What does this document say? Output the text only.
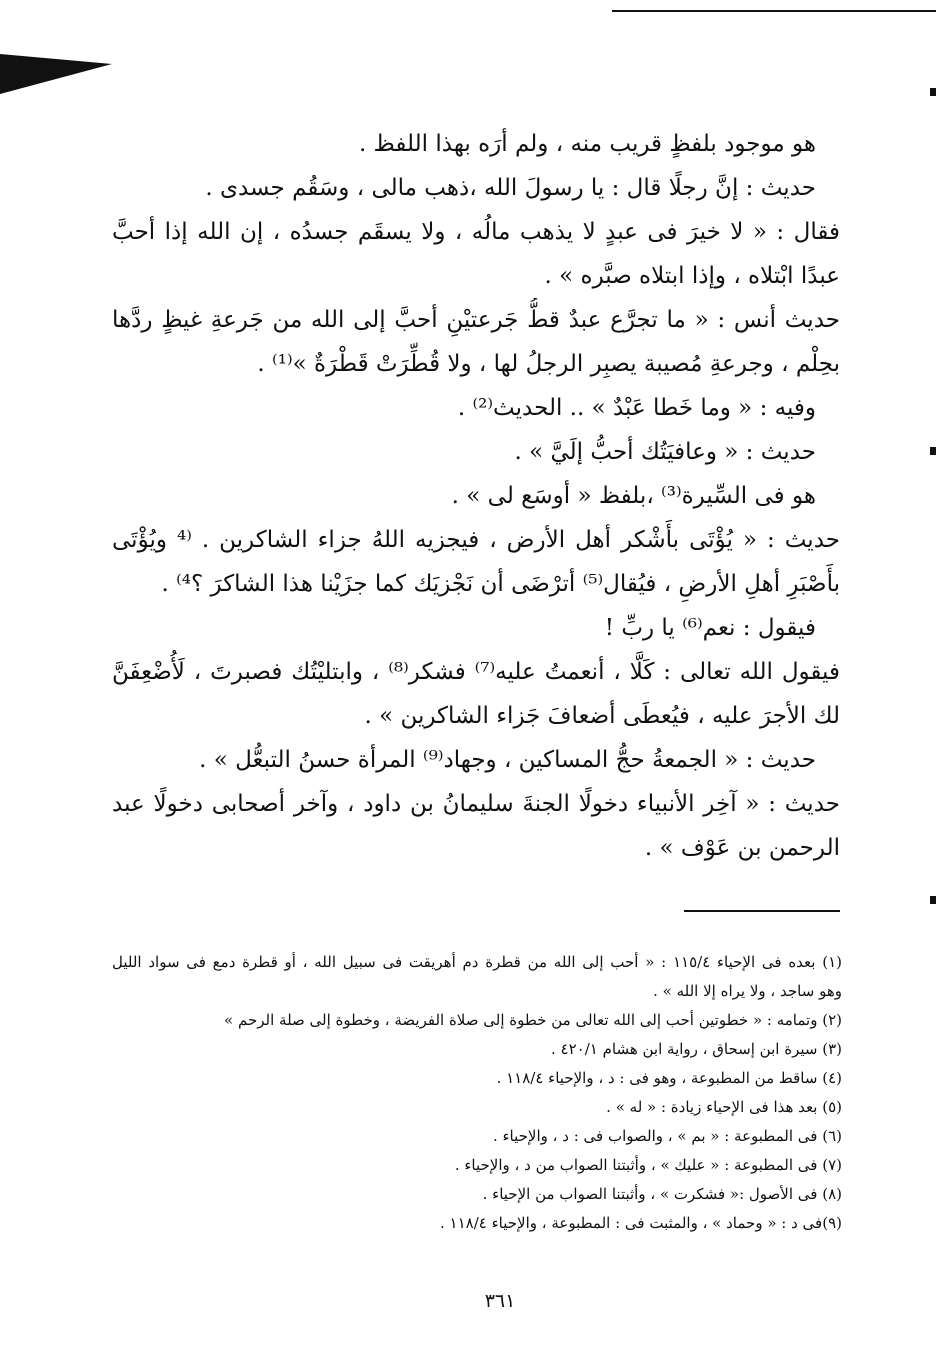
هو موجود بلفظٍ قريب منه ، ولم أرَه بهذا اللفظ .
حديث : إنَّ رجلًا قال : يا رسولَ الله ،ذهب مالى ، وسَقُم جسدى .
فقال : « لا خيرَ فى عبدٍ لا يذهب مالُه ، ولا يسقَم جسدُه ، إن الله إذا أحبَّ
عبدًا ابْتلاه ، وإذا ابتلاه صبَّره » .
حديث أنس : « ما تجرَّع عبدٌ قطُّ جَرعتيْنِ أحبَّ إلى الله من جَرعةِ غيظٍ ردَّها
بحِلْم ، وجرعةِ مُصيبة يصبِر الرجلُ لها ، ولا قُطِّرَتْ قَطْرَةٌ »⁽¹⁾ .
وفيه : « وما خَطا عَبْدٌ » .. الحديث⁽²⁾ .
حديث : « وعافيَتُك أحبُّ إلَيَّ » .
هو فى السِّيرة⁽³⁾ ،بلفظ « أوسَع لى » .
حديث : « يُؤْتَى بأَشْكر أهل الأرض ، فيجزيه اللهُ جزاء الشاكرين . ⁽⁴ ويُؤْتَى
بأَصْبَرِ أهلِ الأرضِ ، فيُقال⁽⁵⁾ أترْضَى أن نَجْزيَك كما جزَيْنا هذا الشاكرَ ؟⁴⁾ .
فيقول : نعم⁽⁶⁾ يا ربِّ !
فيقول الله تعالى : كَلَّا ، أنعمتُ عليه⁽⁷⁾ فشكر⁽⁸⁾ ، وابتليْتُك فصبرتَ ، لَأُضْعِفَنَّ
لك الأجرَ عليه ، فيُعطَى أضعافَ جَزاء الشاكرين » .
حديث : « الجمعةُ حجُّ المساكين ، وجهاد⁽⁹⁾ المرأة حسنُ التبعُّل » .
حديث : « آخِر الأنبياء دخولًا الجنةَ سليمانُ بن داود ، وآخر أصحابى دخولًا عبد
الرحمن بن عَوْف » .
(١) بعده فى الإحياء ١١٥/٤ : « أحب إلى الله من قطرة دم أهريقت فى سبيل الله ، أو قطرة دمع فى سواد الليل
وهو ساجد ، ولا يراه إلا الله » .
(٢) وتمامه : « خطوتين أحب إلى الله تعالى من خطوة إلى صلاة الفريضة ، وخطوة إلى صلة الرحم »
(٣) سيرة ابن إسحاق ، رواية ابن هشام ٤٢٠/١ .
(٤) ساقط من المطبوعة ، وهو فى : د ، والإحياء ١١٨/٤ .
(٥) بعد هذا فى الإحياء زيادة : « له » .
(٦) فى المطبوعة : « بم » ، والصواب فى : د ، والإحياء .
(٧) فى المطبوعة : « عليك » ، وأثبتنا الصواب من د ، والإحياء .
(٨) فى الأصول :« فشكرت » ، وأثبتنا الصواب من الإحياء .
(٩)فى د : « وحماد » ، والمثبت فى : المطبوعة ، والإحياء ١١٨/٤ .
٣٦١
